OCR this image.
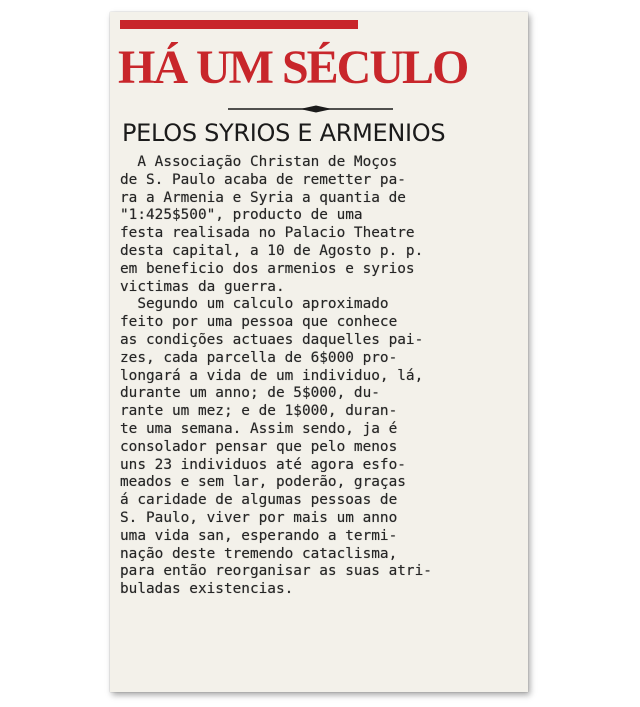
HÁ UM SÉCULO
PELOS SYRIOS E ARMENIOS
A Associação Christan de Moços
de S. Paulo acaba de remetter pa-
ra a Armenia e Syria a quantia de
"1:425$500", producto de uma
festa realisada no Palacio Theatre
desta capital, a 10 de Agosto p. p.
em beneficio dos armenios e syrios
victimas da guerra.
Segundo um calculo aproximado
feito por uma pessoa que conhece
as condições actuaes daquelles pai-
zes, cada parcella de 6$000 pro-
longará a vida de um individuo, lá,
durante um anno; de 5$000, du-
rante um mez; e de 1$000, duran-
te uma semana. Assim sendo, ja é
consolador pensar que pelo menos
uns 23 individuos até agora esfo-
meados e sem lar, poderão, graças
á caridade de algumas pessoas de
S. Paulo, viver por mais um anno
uma vida san, esperando a termi-
nação deste tremendo cataclisma,
para então reorganisar as suas atri-
buladas existencias.
